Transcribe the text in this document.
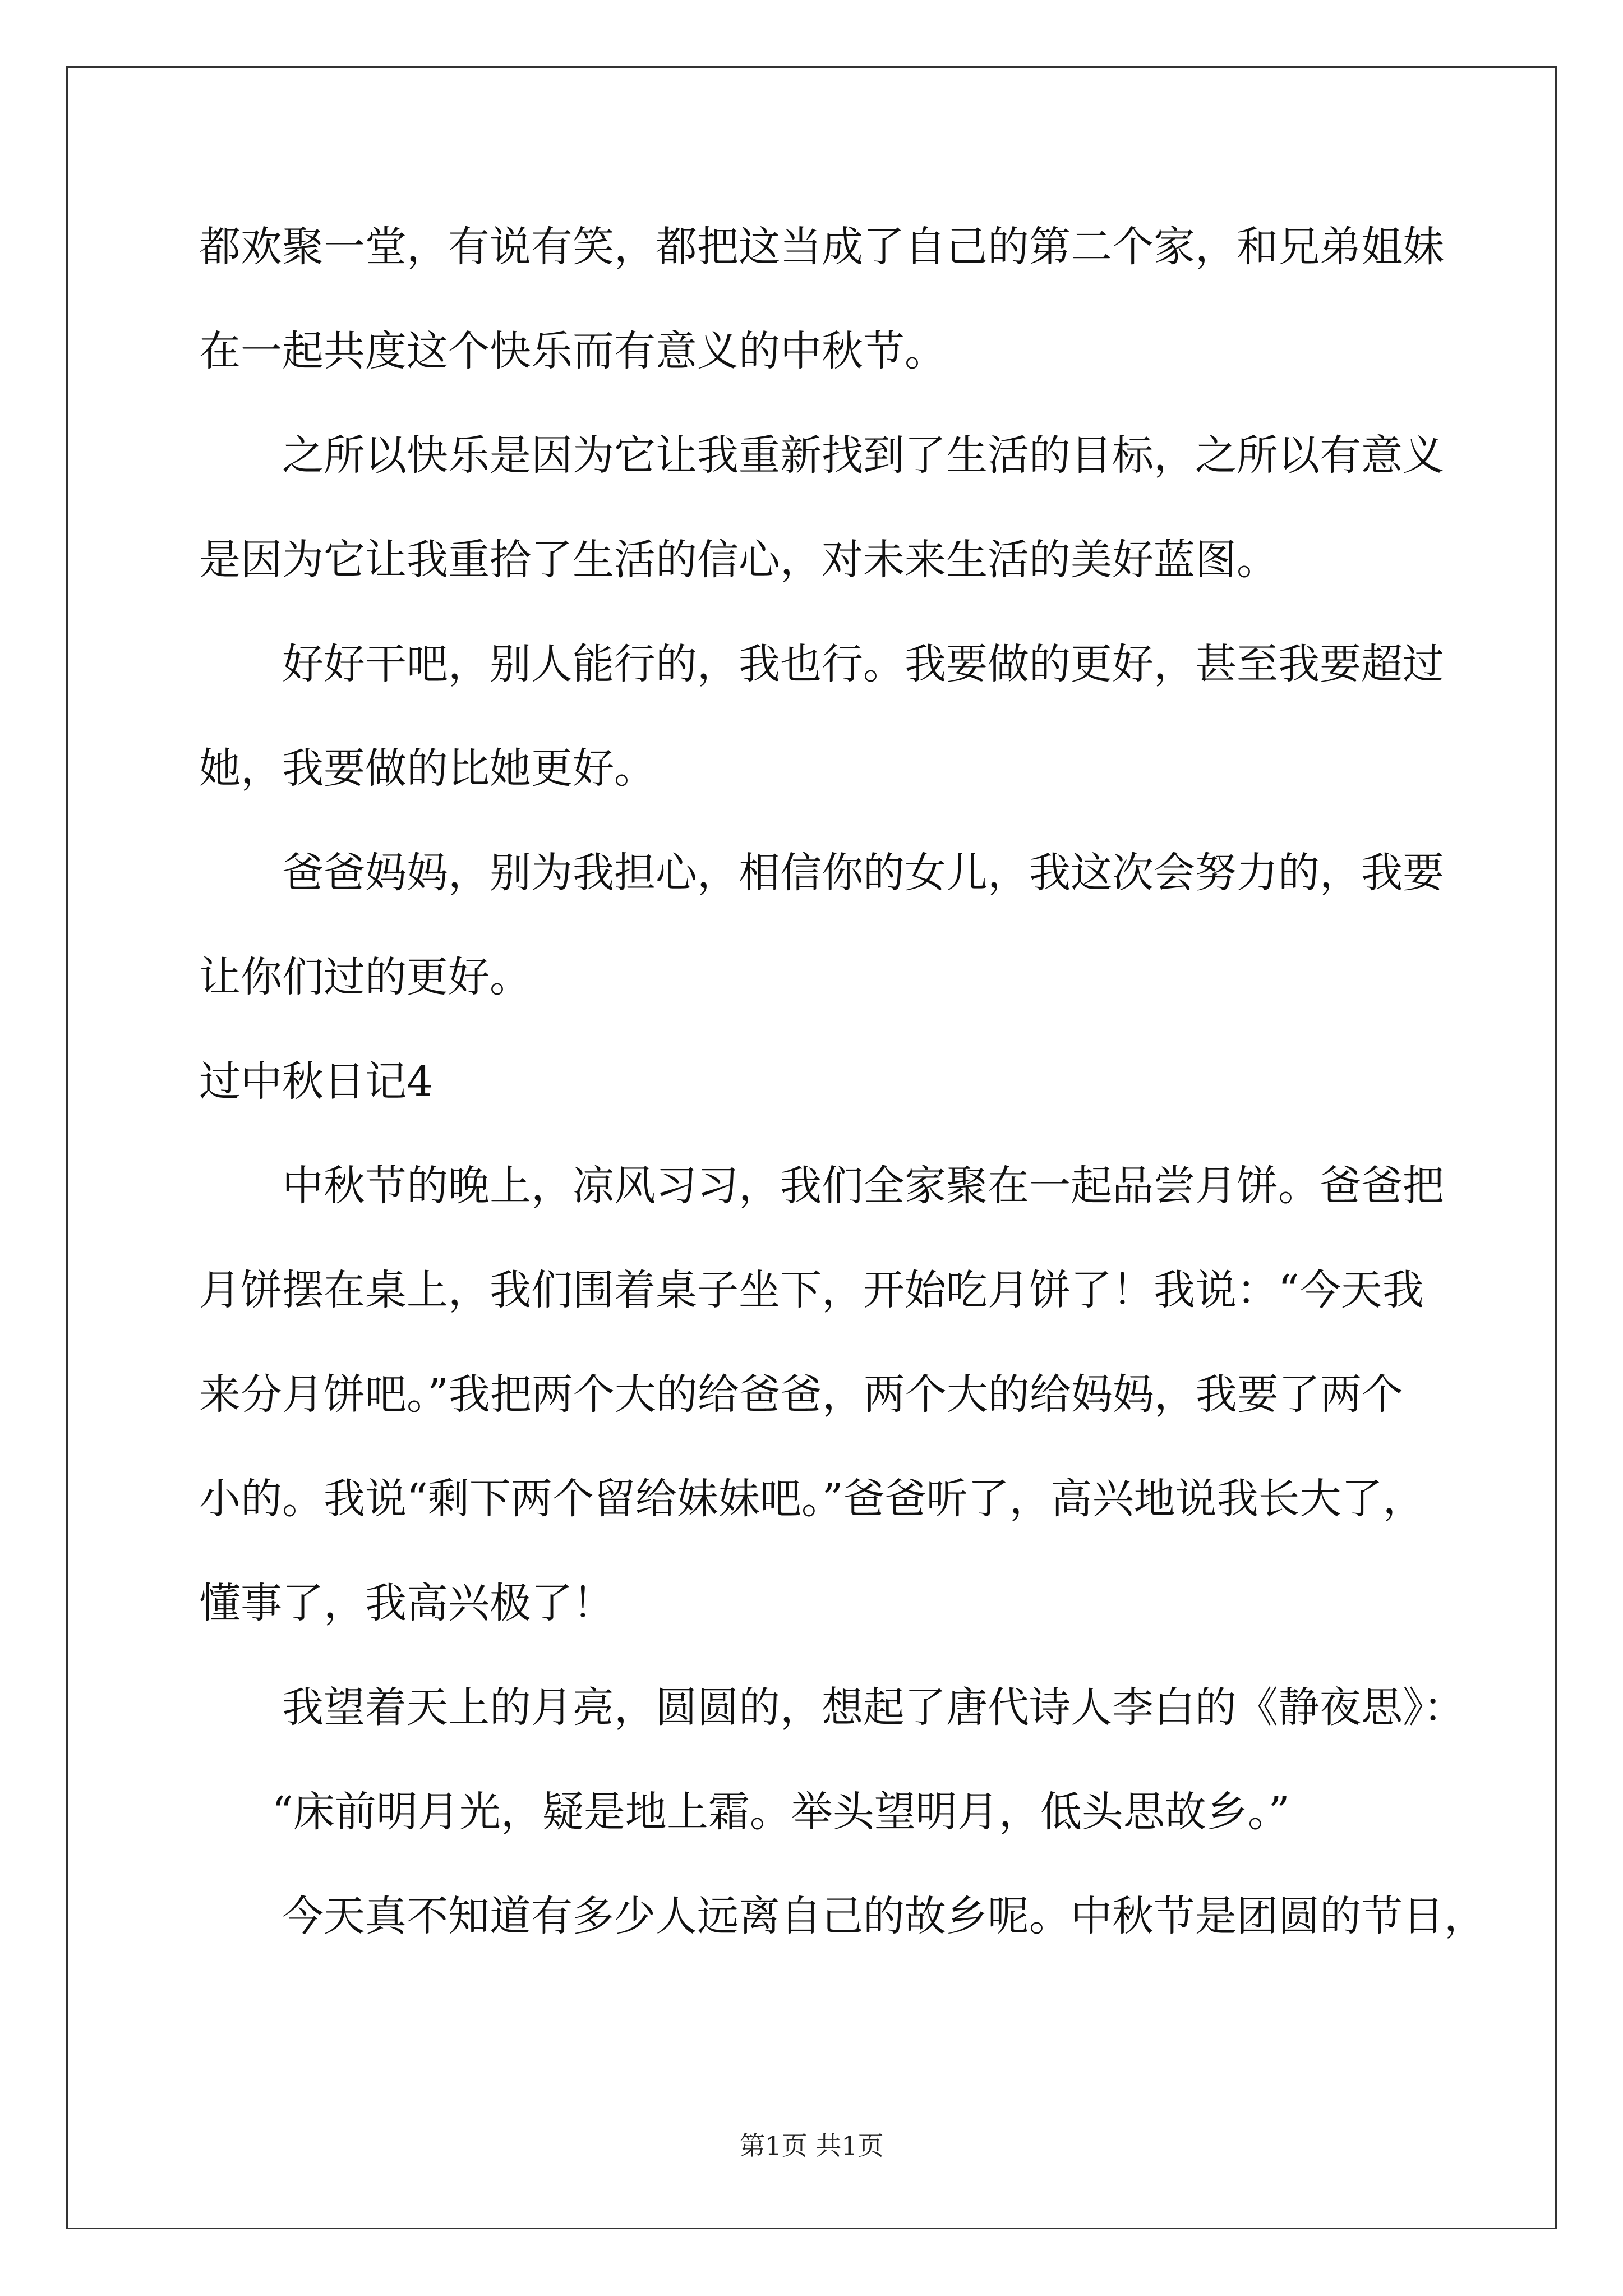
都欢聚一堂，有说有笑，都把这当成了自己的第二个家，和兄弟姐妹
在一起共度这个快乐而有意义的中秋节。
之所以快乐是因为它让我重新找到了生活的目标，之所以有意义
是因为它让我重拾了生活的信心，对未来生活的美好蓝图。
好好干吧，别人能行的，我也行。我要做的更好，甚至我要超过
她，我要做的比她更好。
爸爸妈妈，别为我担心，相信你的女儿，我这次会努力的，我要
让你们过的更好。
过中秋日记4
中秋节的晚上，凉风习习，我们全家聚在一起品尝月饼。爸爸把
月饼摆在桌上，我们围着桌子坐下，开始吃月饼了！我说：“今天我
来分月饼吧。”我把两个大的给爸爸，两个大的给妈妈，我要了两个
小的。我说“剩下两个留给妹妹吧。”爸爸听了，高兴地说我长大了，
懂事了，我高兴极了！
我望着天上的月亮，圆圆的，想起了唐代诗人李白的《静夜思》：
“床前明月光，疑是地上霜。举头望明月，低头思故乡。”
今天真不知道有多少人远离自己的故乡呢。中秋节是团圆的节日，
第1页 共1页
